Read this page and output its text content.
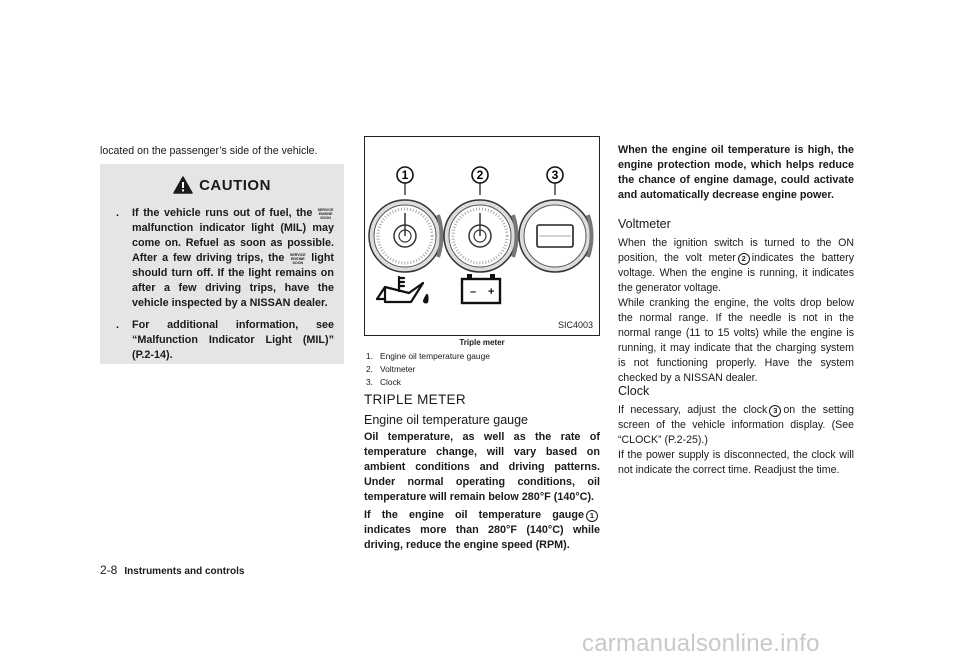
located on the passenger’s side of the vehicle.

CAUTION
. If the vehicle runs out of fuel, the SERVICE
ENGINE
SOON malfunction indicator light (MIL) may come on. Refuel as soon as possible. After a few driving trips, the SERVICE
ENGINE
SOON light should turn off. If the light remains on after a few driving trips, have the vehicle inspected by a NISSAN dealer.
. For additional information, see “Malfunction Indicator Light (MIL)” (P.2-14).
1	2	3
– +
SIC4003
Triple meter
1. Engine oil temperature gauge
2. Voltmeter
3. Clock
TRIPLE METER
Engine oil temperature gauge

Oil temperature, as well as the rate of temperature change, will vary based on ambient conditions and driving patterns. Under normal operating conditions, oil temperature will remain below 280°F (140°C).

If the engine oil temperature gauge 1indicates more than 280°F (140°C) while driving, reduce the engine speed (RPM).

When the engine oil temperature is high, the engine protection mode, which helps reduce the chance of engine damage, could activate and automatically decrease engine power.

Voltmeter

When the ignition switch is turned to the ON position, the volt meter 2 indicates the battery voltage. When the engine is running, it indicates the generator voltage.

While cranking the engine, the volts drop below the normal range. If the needle is not in the normal range (11 to 15 volts) while the engine is running, it may indicate that the charging system is not functioning properly. Have the system checked by a NISSAN dealer.

Clock

If necessary, adjust the clock 3 on the setting screen of the vehicle information display. (See “CLOCK” (P.2-25).)

If the power supply is disconnected, the clock will not indicate the correct time. Readjust the time.

2-8 Instruments and controls
carmanualsonline.info
